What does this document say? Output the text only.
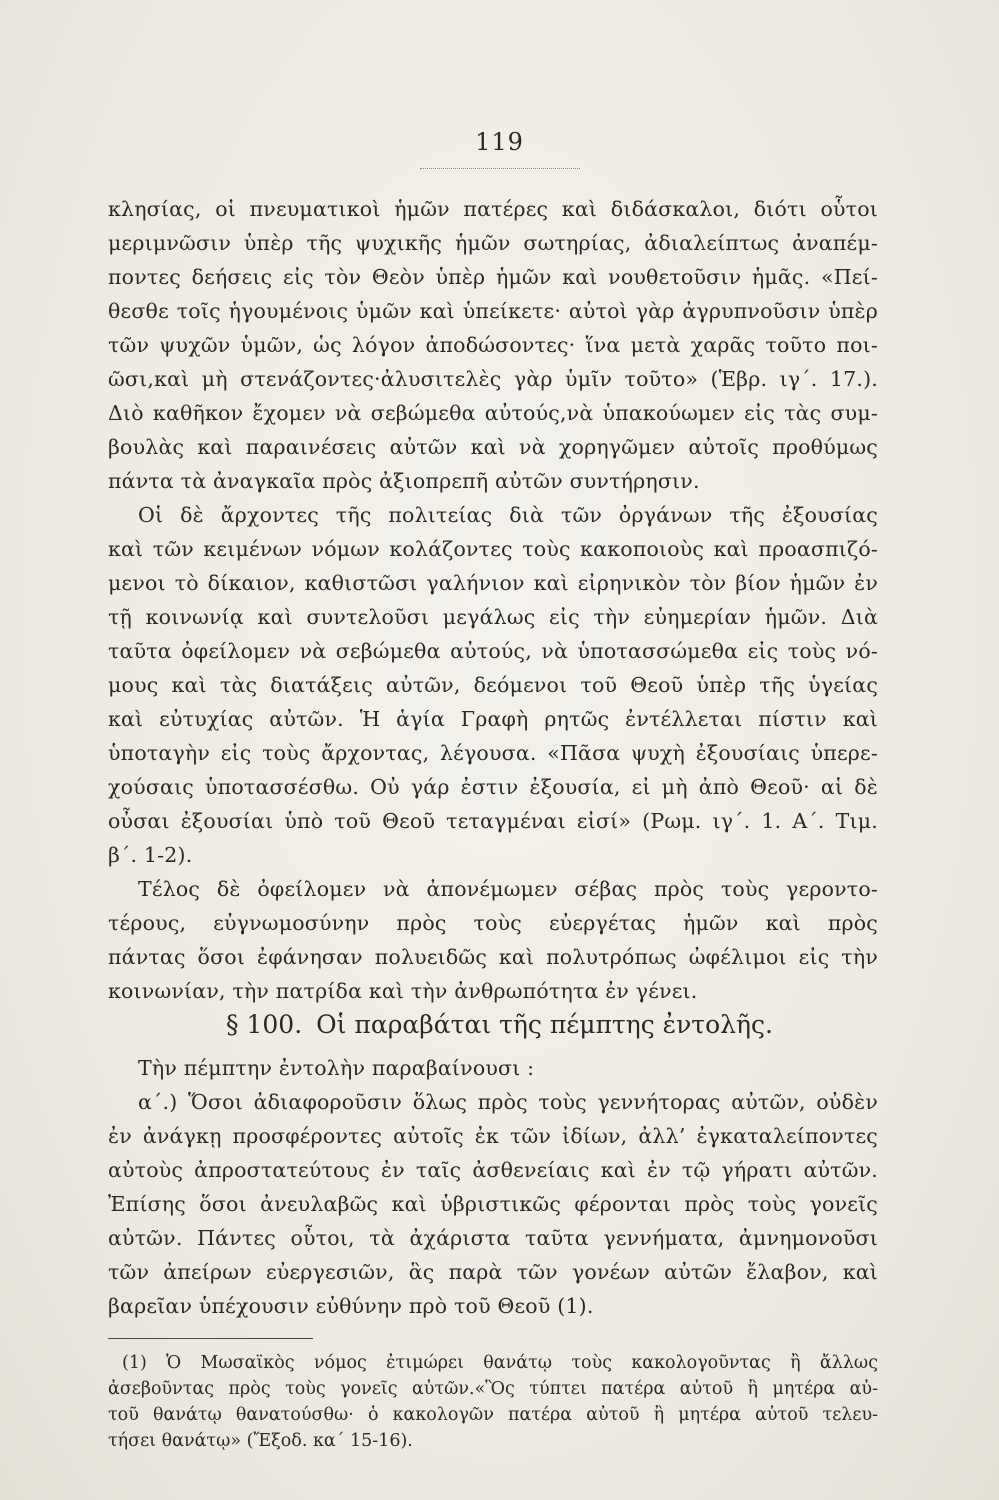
119
κλησίας, οἱ πνευματικοὶ ἡμῶν πατέρες καὶ διδάσκαλοι, διότι οὗτοι
μεριμνῶσιν ὑπὲρ τῆς ψυχικῆς ἡμῶν σωτηρίας, ἀδιαλείπτως ἀναπέμ-
ποντες δεήσεις εἰς τὸν Θεὸν ὑπὲρ ἡμῶν καὶ νουθετοῦσιν ἡμᾶς. «Πεί-
θεσθε τοῖς ἡγουμένοις ὑμῶν καὶ ὑπείκετε· αὐτοὶ γὰρ ἀγρυπνοῦσιν ὑπὲρ
τῶν ψυχῶν ὑμῶν, ὡς λόγον ἀποδώσοντες· ἵνα μετὰ χαρᾶς τοῦτο ποι-
ῶσι,καὶ μὴ στενάζοντες·ἀλυσιτελὲς γὰρ ὑμῖν τοῦτο» (Ἑβρ. ιγ΄. 17.).
Διὸ καθῆκον ἔχομεν νὰ σεβώμεθα αὐτούς,νὰ ὑπακούωμεν εἰς τὰς συμ-
βουλὰς καὶ παραινέσεις αὐτῶν καὶ νὰ χορηγῶμεν αὐτοῖς προθύμως
πάντα τὰ ἀναγκαῖα πρὸς ἀξιοπρεπῆ αὐτῶν συντήρησιν.
Οἱ δὲ ἄρχοντες τῆς πολιτείας διὰ τῶν ὀργάνων τῆς ἐξουσίας
καὶ τῶν κειμένων νόμων κολάζοντες τοὺς κακοποιοὺς καὶ προασπιζό-
μενοι τὸ δίκαιον, καθιστῶσι γαλήνιον καὶ εἰρηνικὸν τὸν βίον ἡμῶν ἐν
τῇ κοινωνίᾳ καὶ συντελοῦσι μεγάλως εἰς τὴν εὐημερίαν ἡμῶν. Διὰ
ταῦτα ὀφείλομεν νὰ σεβώμεθα αὐτούς, νὰ ὑποτασσώμεθα εἰς τοὺς νό-
μους καὶ τὰς διατάξεις αὐτῶν, δεόμενοι τοῦ Θεοῦ ὑπὲρ τῆς ὑγείας
καὶ εὐτυχίας αὐτῶν. Ἡ ἁγία Γραφὴ ρητῶς ἐντέλλεται πίστιν καὶ
ὑποταγὴν εἰς τοὺς ἄρχοντας, λέγουσα. «Πᾶσα ψυχὴ ἐξουσίαις ὑπερε-
χούσαις ὑποτασσέσθω. Οὐ γάρ ἐστιν ἐξουσία, εἰ μὴ ἀπὸ Θεοῦ· αἱ δὲ
οὖσαι ἐξουσίαι ὑπὸ τοῦ Θεοῦ τεταγμέναι εἰσί» (Ρωμ. ιγ΄. 1. Α΄. Τιμ.
β΄. 1-2).
Τέλος δὲ ὀφείλομεν νὰ ἀπονέμωμεν σέβας πρὸς τοὺς γεροντο-
τέρους, εὐγνωμοσύνην πρὸς τοὺς εὐεργέτας ἡμῶν καὶ πρὸς
πάντας ὅσοι ἐφάνησαν πολυειδῶς καὶ πολυτρόπως ὠφέλιμοι εἰς τὴν
κοινωνίαν, τὴν πατρίδα καὶ τὴν ἀνθρωπότητα ἐν γένει.
§ 100. Οἱ παραβάται τῆς πέμπτης ἐντολῆς.
Τὴν πέμπτην ἐντολὴν παραβαίνουσι :
α΄.) Ὅσοι ἀδιαφοροῦσιν ὅλως πρὸς τοὺς γεννήτορας αὐτῶν, οὐδὲν
ἐν ἀνάγκῃ προσφέροντες αὐτοῖς ἐκ τῶν ἰδίων, ἀλλ’ ἐγκαταλείποντες
αὐτοὺς ἀπροστατεύτους ἐν ταῖς ἀσθενείαις καὶ ἐν τῷ γήρατι αὐτῶν.
Ἐπίσης ὅσοι ἀνευλαβῶς καὶ ὑβριστικῶς φέρονται πρὸς τοὺς γονεῖς
αὐτῶν. Πάντες οὗτοι, τὰ ἀχάριστα ταῦτα γεννήματα, ἀμνημονοῦσι
τῶν ἀπείρων εὐεργεσιῶν, ἃς παρὰ τῶν γονέων αὐτῶν ἔλαβον, καὶ
βαρεῖαν ὑπέχουσιν εὐθύνην πρὸ τοῦ Θεοῦ (1).
(1) Ὁ Μωσαϊκὸς νόμος ἐτιμώρει θανάτῳ τοὺς κακολογοῦντας ἢ ἄλλως
ἀσεβοῦντας πρὸς τοὺς γονεῖς αὐτῶν.«Ὃς τύπτει πατέρα αὐτοῦ ἢ μητέρα αὐ-
τοῦ θανάτῳ θανατούσθω· ὁ κακολογῶν πατέρα αὐτοῦ ἢ μητέρα αὐτοῦ τελευ-
τήσει θανάτῳ» (Ἔξοδ. κα΄ 15-16).
